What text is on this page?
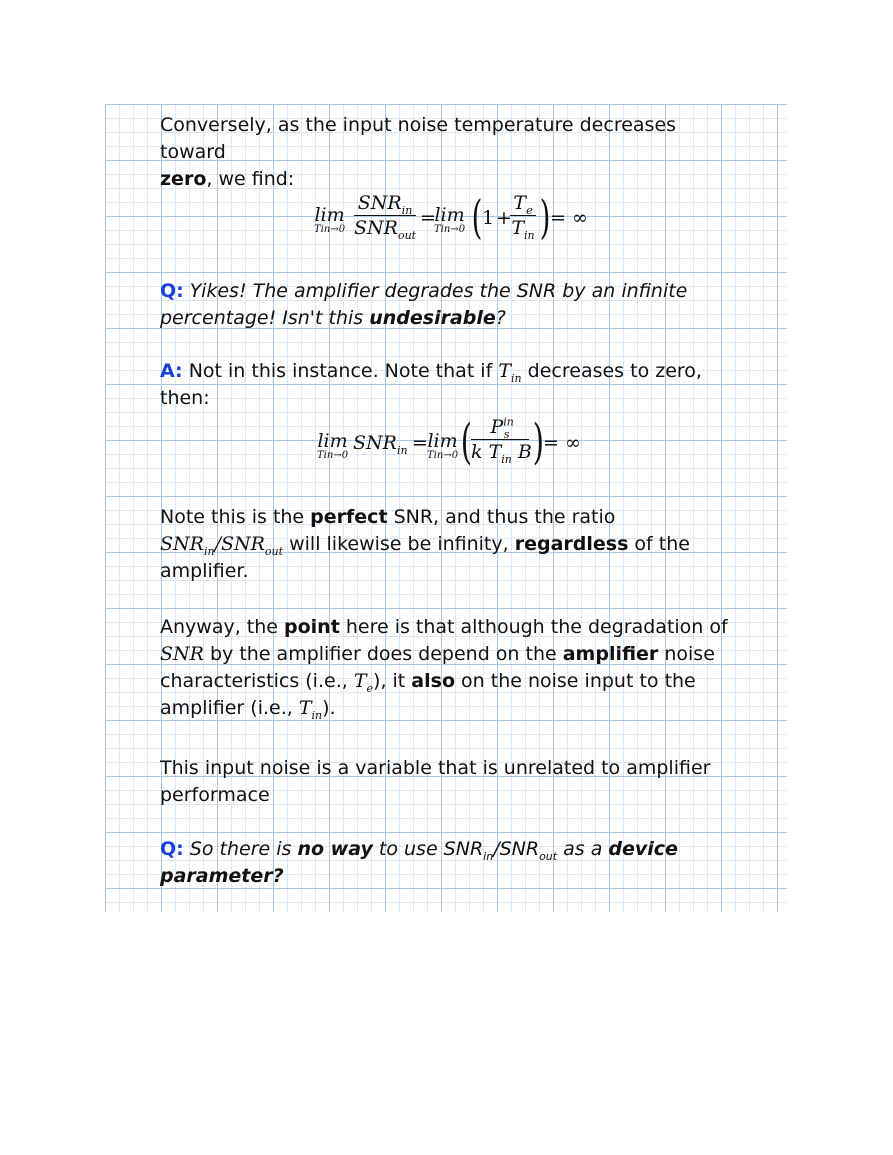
Conversely, as the input noise temperature decreases toward
zero, we find:
lim
Tin→0
$SNR_{in}$
$SNR_{out}$
=
lim
Tin→0 ( 1 +
$T_e$
$T_{in}$ ) = ∞
Q: Yikes! The amplifier degrades the SNR by an infinite
percentage! Isn't this undesirable?
A: Not in this instance. Note that if $T_{in}$ decreases to zero,
then:
lim
Tin→0
$SNR_{in} = \lim$
Tin→0 ( $P^{in}_s$
k $T_{in}$ B ) = ∞
Note this is the perfect SNR, and thus the ratio
$SNR_{in}/SNR_{out}$ will likewise be infinity, regardless of the
amplifier.
Anyway, the point here is that although the degradation of
SNR by the amplifier does depend on the amplifier noise
characteristics (i.e., $T_e$), it also on the noise input to the
amplifier (i.e., $T_{in}$).
This input noise is a variable that is unrelated to amplifier
performace
Q: So there is no way to use $SNR_{in}/SNR_{out}$ as a device
parameter?
